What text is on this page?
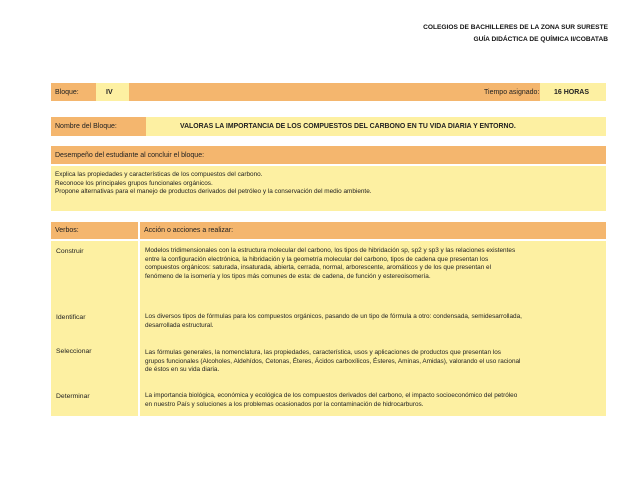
COLEGIOS DE BACHILLERES DE LA ZONA SUR SURESTE
GUÍA DIDÁCTICA DE QUÍMICA II/COBATAB
Bloque:	IV	Tiempo asignado:	16 HORAS
Nombre del Bloque:	VALORAS LA IMPORTANCIA DE LOS COMPUESTOS DEL CARBONO EN TU VIDA DIARIA Y ENTORNO.
Desempeño del estudiante al concluir el bloque:
Explica las propiedades y características de los compuestos del carbono.
Reconoce los principales grupos funcionales orgánicos.
Propone alternativas para el manejo de productos derivados del petróleo y la conservación del medio ambiente.
Verbos:	Acción o acciones a realizar:
Construir	Modelos tridimensionales con la estructura molecular del carbono, los tipos de hibridación sp, sp2 y sp3 y las relaciones existentes
entre la configuración electrónica, la hibridación y la geometría molecular del carbono, tipos de cadena que presentan los
compuestos orgánicos: saturada, insaturada, abierta, cerrada, normal, arborescente, aromáticos y de los que presentan el
fenómeno de la isomería y los tipos más comunes de esta: de cadena, de función y estereoisomería.
Identificar	Los diversos tipos de fórmulas para los compuestos orgánicos, pasando de un tipo de fórmula a otro: condensada, semidesarrollada,
desarrollada estructural.
Seleccionar	Las fórmulas generales, la nomenclatura, las propiedades, característica, usos y aplicaciones de productos que presentan los
grupos funcionales (Alcoholes, Aldehídos, Cetonas, Éteres, Ácidos carboxílicos, Ésteres, Aminas, Amidas), valorando el uso racional
de éstos en su vida diaria.
Determinar	La importancia biológica, económica y ecológica de los compuestos derivados del carbono, el impacto socioeconómico del petróleo
en nuestro País y soluciones a los problemas ocasionados por la contaminación de hidrocarburos.
